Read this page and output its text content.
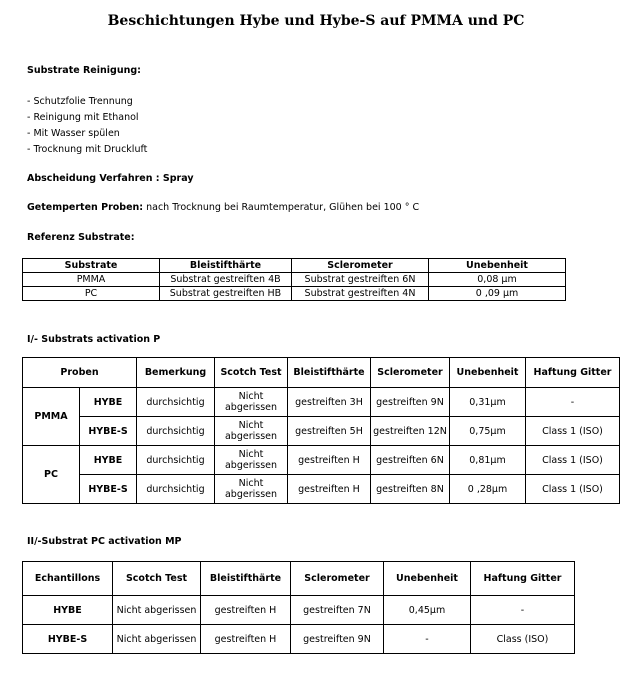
Beschichtungen Hybe und Hybe-S auf PMMA und PC
Substrate Reinigung:
- Schutzfolie Trennung
- Reinigung mit Ethanol
- Mit Wasser spülen
- Trocknung mit Druckluft
Abscheidung Verfahren : Spray
Getemperten Proben: nach Trocknung bei Raumtemperatur, Glühen bei 100 ° C
Referenz Substrate:
Substrate	Bleistifthärte	Sclerometer	Unebenheit
PMMA	Substrat gestreiften 4B	Substrat gestreiften 6N	0,08 µm
PC	Substrat gestreiften HB	Substrat gestreiften 4N	0 ,09 µm
I/- Substrats activation P
Proben		Bemerkung	Scotch Test	Bleistifthärte	Sclerometer	Unebenheit	Haftung Gitter
PMMA	HYBE	durchsichtig	Nicht abgerissen	gestreiften 3H	gestreiften 9N	0,31µm	-
	HYBE-S	durchsichtig	Nicht abgerissen	gestreiften 5H	gestreiften 12N	0,75µm	Class 1 (ISO)
PC	HYBE	durchsichtig	Nicht abgerissen	gestreiften H	gestreiften 6N	0,81µm	Class 1 (ISO)
	HYBE-S	durchsichtig	Nicht abgerissen	gestreiften H	gestreiften 8N	0 ,28µm	Class 1 (ISO)
II/-Substrat PC activation MP
Echantillons	Scotch Test	Bleistifthärte	Sclerometer	Unebenheit	Haftung Gitter
HYBE	Nicht abgerissen	gestreiften H	gestreiften 7N	0,45µm	-
HYBE-S	Nicht abgerissen	gestreiften H	gestreiften 9N	-	Class (ISO)
